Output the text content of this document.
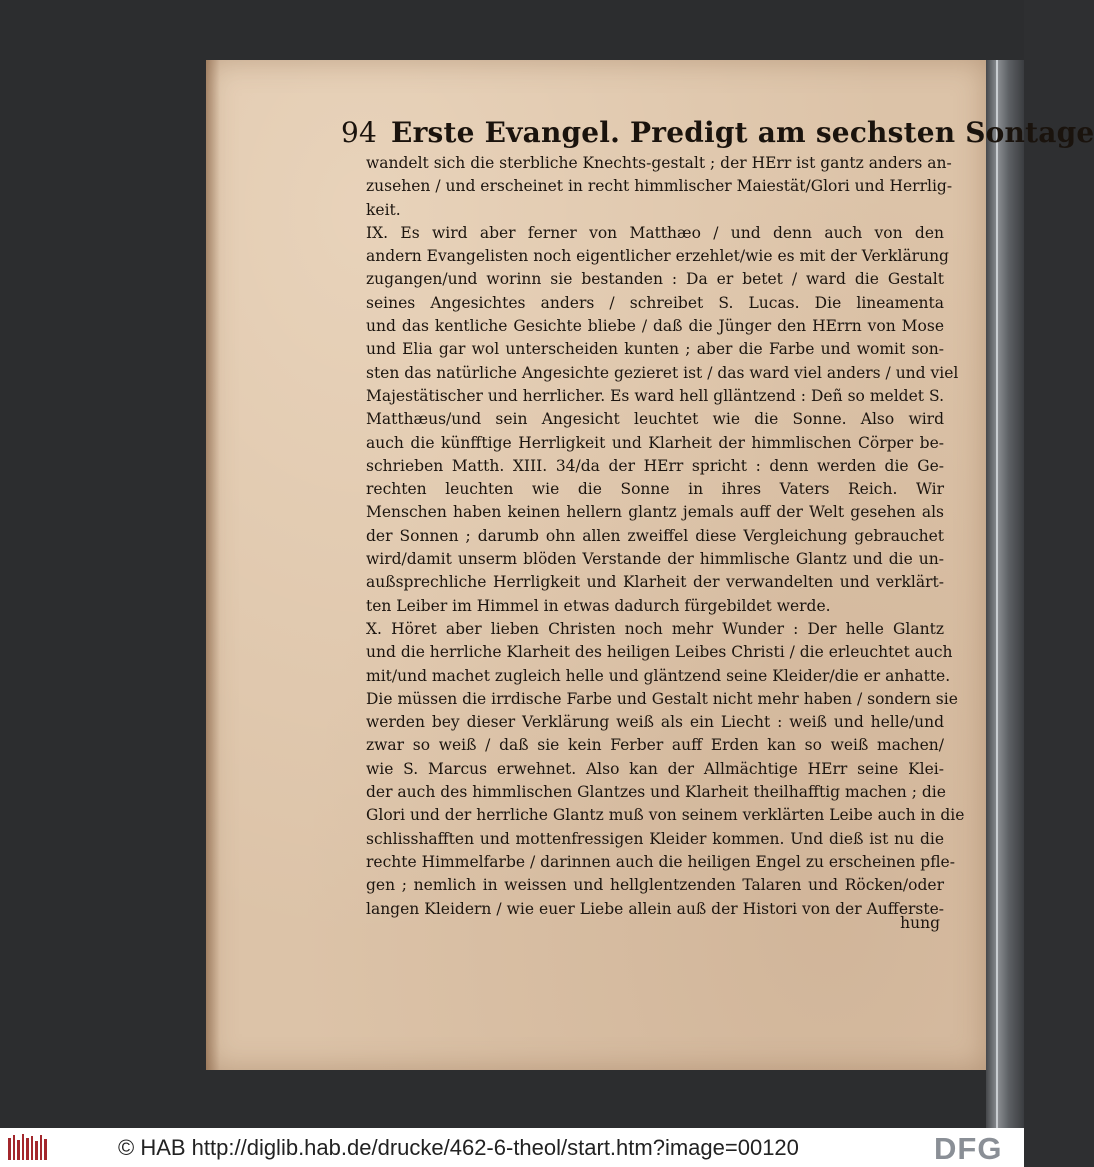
94 Erste Evangel. Predigt am sechsten Sontage
wandelt sich die sterbliche Knechts-gestalt ; der HErr ist gantz anders an-
zusehen / und erscheinet in recht himmlischer Maiestät/Glori und Herrlig-
keit.
IX. Es wird aber ferner von Matthæo / und denn auch von den
andern Evangelisten noch eigentlicher erzehlet/wie es mit der Verklärung
zugangen/und worinn sie bestanden : Da er betet / ward die Gestalt
seines Angesichtes anders / schreibet S. Lucas. Die lineamenta
und das kentliche Gesichte bliebe / daß die Jünger den HErrn von Mose
und Elia gar wol unterscheiden kunten ; aber die Farbe und womit son-
sten das natürliche Angesichte gezieret ist / das ward viel anders / und viel
Majestätischer und herrlicher. Es ward hell glläntzend : Deñ so meldet S.
Matthæus/und sein Angesicht leuchtet wie die Sonne. Also wird
auch die künfftige Herrligkeit und Klarheit der himmlischen Cörper be-
schrieben Matth. XIII. 34/da der HErr spricht : denn werden die Ge-
rechten leuchten wie die Sonne in ihres Vaters Reich. Wir
Menschen haben keinen hellern glantz jemals auff der Welt gesehen als
der Sonnen ; darumb ohn allen zweiffel diese Vergleichung gebrauchet
wird/damit unserm blöden Verstande der himmlische Glantz und die un-
außsprechliche Herrligkeit und Klarheit der verwandelten und verklärt-
ten Leiber im Himmel in etwas dadurch fürgebildet werde.
X. Höret aber lieben Christen noch mehr Wunder : Der helle Glantz
und die herrliche Klarheit des heiligen Leibes Christi / die erleuchtet auch
mit/und machet zugleich helle und gläntzend seine Kleider/die er anhatte.
Die müssen die irrdische Farbe und Gestalt nicht mehr haben / sondern sie
werden bey dieser Verklärung weiß als ein Liecht : weiß und helle/und
zwar so weiß / daß sie kein Ferber auff Erden kan so weiß machen/
wie S. Marcus erwehnet. Also kan der Allmächtige HErr seine Klei-
der auch des himmlischen Glantzes und Klarheit theilhafftig machen ; die
Glori und der herrliche Glantz muß von seinem verklärten Leibe auch in die
schlisshafften und mottenfressigen Kleider kommen. Und dieß ist nu die
rechte Himmelfarbe / darinnen auch die heiligen Engel zu erscheinen pfle-
gen ; nemlich in weissen und hellglentzenden Talaren und Röcken/oder
langen Kleidern / wie euer Liebe allein auß der Histori von der Aufferste-
hung
© HAB http://diglib.hab.de/drucke/462-6-theol/start.htm?image=00120	DFG
